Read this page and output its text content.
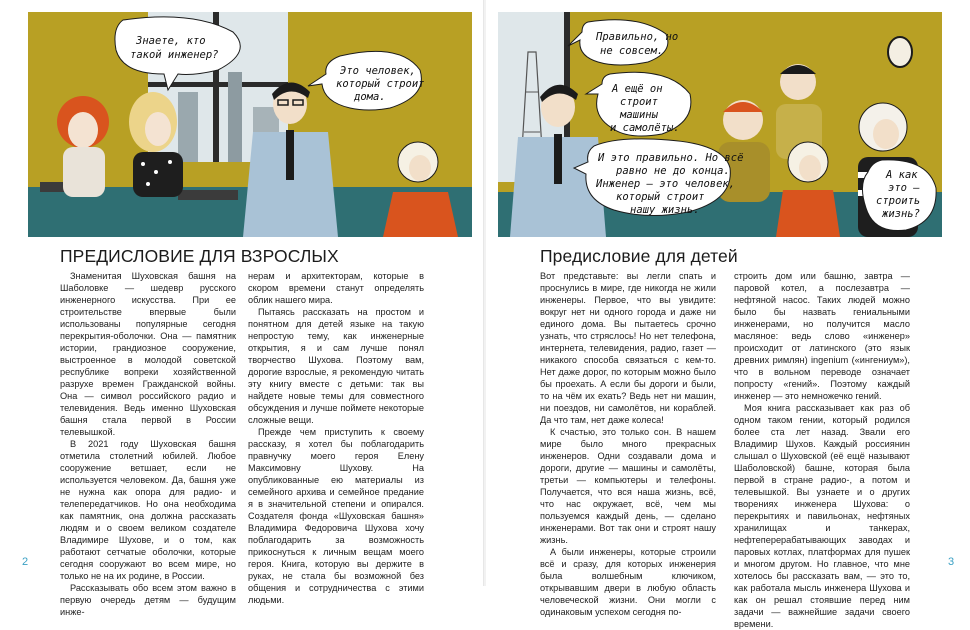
Знаете, кто такой инженер?
Это человек, который строит дома.
ПРЕДИСЛОВИЕ ДЛЯ ВЗРОСЛЫХ

Знаменитая Шуховская башня на Шаболовке — шедевр русского инженерного искусства. При ее строительстве впервые были использованы популярные сегодня перекрытия-оболочки. Она — памятник истории, грандиозное сооружение, выстроенное в молодой советской республике вопреки хозяйственной разрухе времен Гражданской войны. Она — символ российского радио и телевидения. Ведь именно Шуховская башня стала первой в России телевышкой.

В 2021 году Шуховская башня отметила столетний юбилей. Любое сооружение ветшает, если не используется человеком. Да, башня уже не нужна как опора для радио- и телепередатчиков. Но она необходима как памятник, она должна рассказать людям и о своем великом создателе Владимире Шухове, и о том, как работают сетчатые оболочки, которые сегодня сооружают во всем мире, но только не на их родине, в России.

Рассказывать обо всем этом важно в первую очередь детям — будущим инже-

нерам и архитекторам, которые в скором времени станут определять облик нашего мира.

Пытаясь рассказать на простом и понятном для детей языке на такую непростую тему, как инженерные открытия, я и сам лучше понял творчество Шухова. Поэтому вам, дорогие взрослые, я рекомендую читать эту книгу вместе с детьми: так вы найдете новые темы для совместного обсуждения и лучше поймете некоторые сложные вещи.

Прежде чем приступить к своему рассказу, я хотел бы поблагодарить правнучку моего героя Елену Максимовну Шухову. На опубликованные ею материалы из семейного архива и семейное предание я в значительной степени и опирался. Создателя фонда «Шуховская башня» Владимира Федоровича Шухова хочу поблагодарить за возможность прикоснуться к личным вещам моего героя. Книга, которую вы держите в руках, не стала бы возможной без общения и сотрудничества с этими людьми.

2
Правильно, но не совсем.
А ещё он строит машины и самолёты.
И это правильно. Но всё равно не до конца. Инженер – это человек, который строит нашу жизнь.
А как это – строить жизнь?
Предисловие для детей

Вот представьте: вы легли спать и проснулись в мире, где никогда не жили инженеры. Первое, что вы увидите: вокруг нет ни одного города и даже ни единого дома. Вы пытаетесь срочно узнать, что стряслось! Но нет телефона, интернета, телевидения, радио, газет — никакого способа связаться с кем-то. Нет даже дорог, по которым можно было бы проехать. А если бы дороги и были, то на чём их ехать? Ведь нет ни машин, ни поездов, ни самолётов, ни кораблей. Да что там, нет даже колеса!

К счастью, это только сон. В нашем мире было много прекрасных инженеров. Одни создавали дома и дороги, другие — машины и самолёты, третьи — компьютеры и телефоны. Получается, что вся наша жизнь, всё, что нас окружает, всё, чем мы пользуемся каждый день, — сделано инженерами. Вот так они и строят нашу жизнь.

А были инженеры, которые строили всё и сразу, для которых инженерия была волшебным ключиком, открывавшим двери в любую область человеческой жизни. Они могли с одинаковым успехом сегодня по-

строить дом или башню, завтра — паровой котел, а послезавтра — нефтяной насос. Таких людей можно было бы назвать гениальными инженерами, но получится масло масляное: ведь слово «инженер» происходит от латинского (это язык древних римлян) ingenium («ингениум»), что в вольном переводе означает попросту «гений». Поэтому каждый инженер — это немножечко гений.

Моя книга рассказывает как раз об одном таком гении, который родился более ста лет назад. Звали его Владимир Шухов. Каждый россиянин слышал о Шуховской (её ещё называют Шаболовской) башне, которая была первой в стране радио-, а потом и телевышкой. Вы узнаете и о других творениях инженера Шухова: о перекрытиях и павильонах, нефтяных хранилищах и танкерах, нефтеперерабатывающих заводах и паровых котлах, платформах для пушек и многом другом. Но главное, что мне хотелось бы рассказать вам, — это то, как работала мысль инженера Шухова и как он решал стоявшие перед ним задачи — важнейшие задачи своего времени.

3
